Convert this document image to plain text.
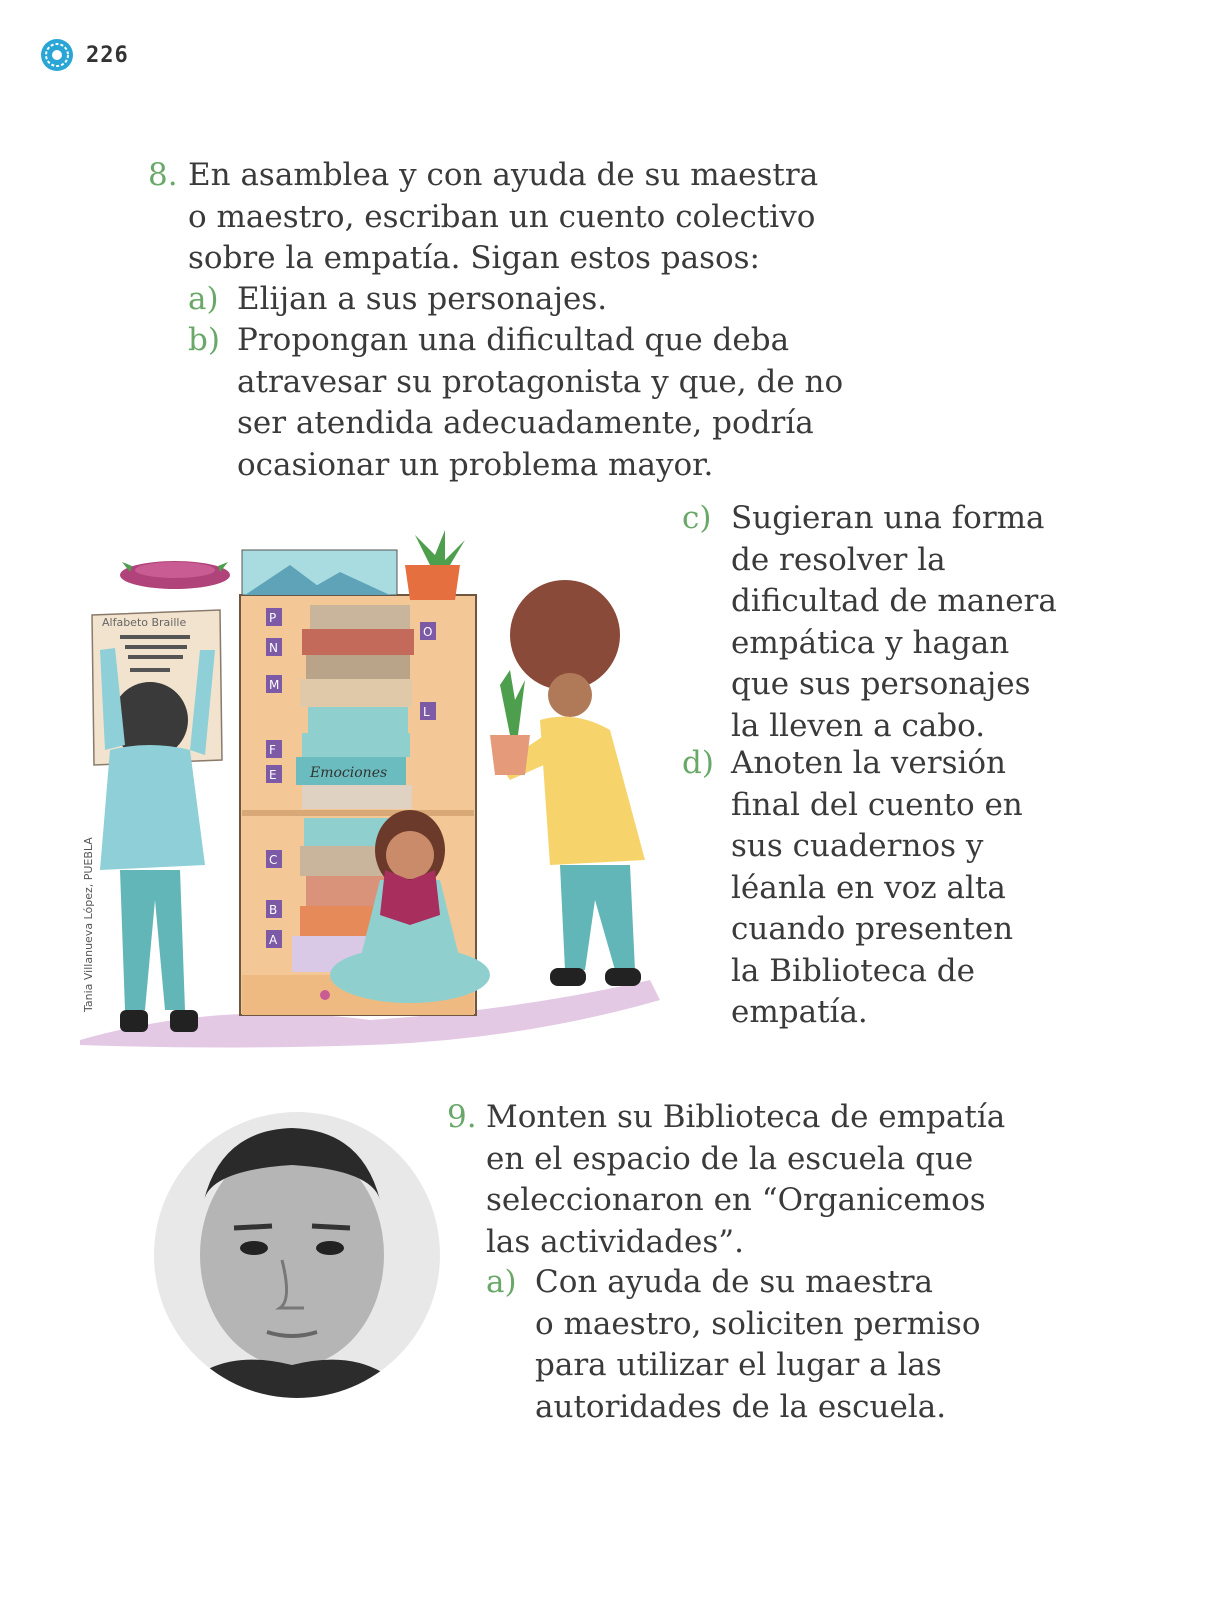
226
8. En asamblea y con ayuda de su maestra

o maestro, escriban un cuento colectivo

sobre la empatía. Sigan estos pasos:

a) Elijan a sus personajes.

b) Propongan una dificultad que deba

atravesar su protagonista y que, de no

ser atendida adecuadamente, podría

ocasionar un problema mayor.

c) Sugieran una forma

de resolver la

dificultad de manera

empática y hagan

que sus personajes

la lleven a cabo.

d) Anoten la versión

final del cuento en

sus cuadernos y

léanla en voz alta

cuando presenten

la Biblioteca de

empatía.

Alfabeto Braille
Emociones
P
N
M
F
E
C
B
A
O
L
Tania Villanueva López, PUEBLA
9. Monten su Biblioteca de empatía

en el espacio de la escuela que

seleccionaron en “Organicemos

las actividades”.

a) Con ayuda de su maestra

o maestro, soliciten permiso

para utilizar el lugar a las

autoridades de la escuela.
